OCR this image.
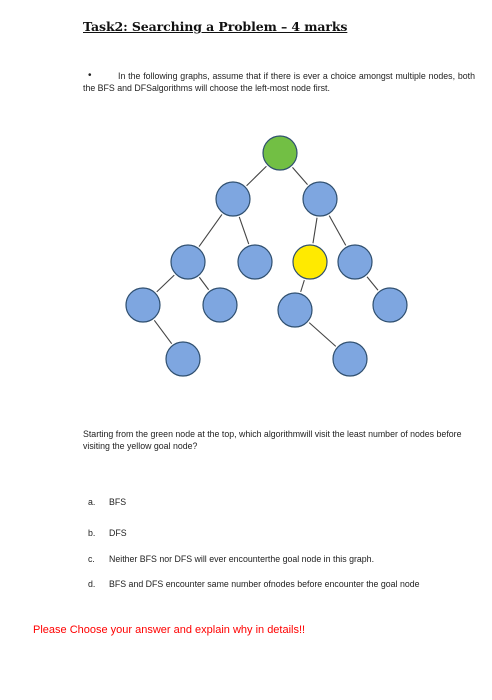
Task2: Searching a Problem – 4 marks
•	In the following graphs, assume that if there is ever a choice amongst multiple nodes, both the BFS and DFSalgorithms will choose the left-most node first.
Starting from the green node at the top, which algorithmwill visit the least number of nodes before visiting the yellow goal node?
a.	BFS
b.	DFS
c.	Neither BFS nor DFS will ever encounterthe goal node in this graph.
d.	BFS and DFS encounter same number ofnodes before encounter the goal node
Please Choose your answer and explain why in details!!
